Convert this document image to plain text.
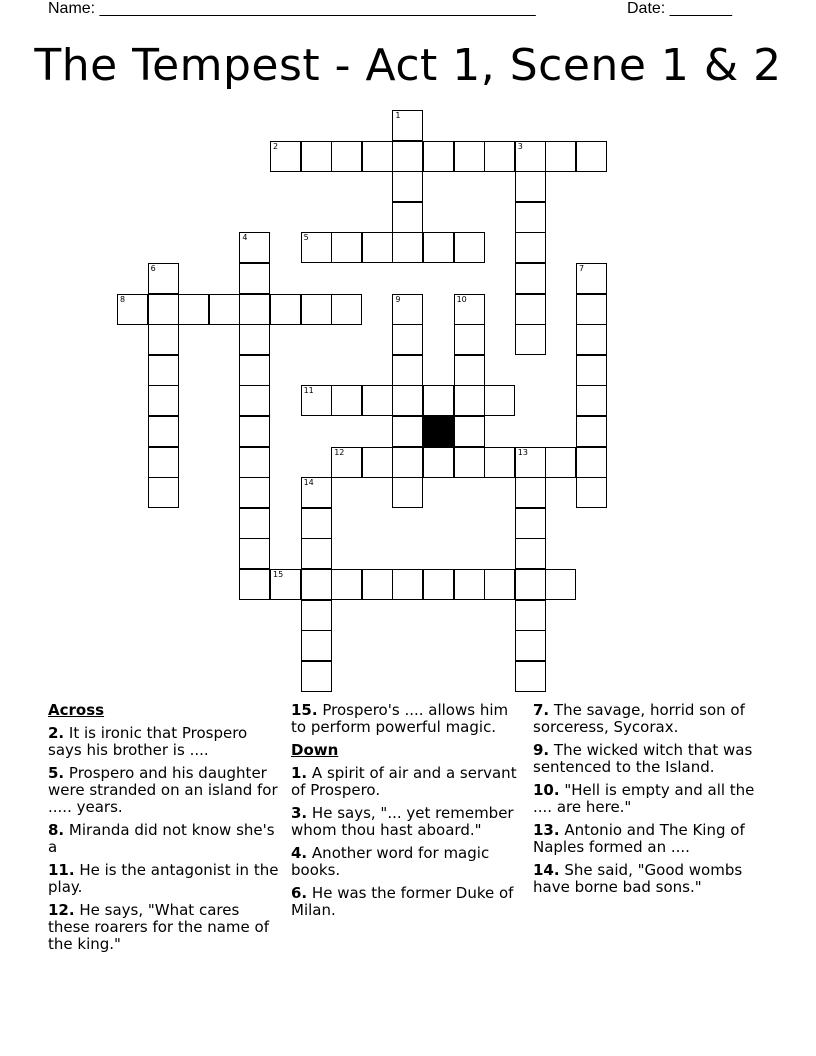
Name: _________________________________________________	Date: _______
The Tempest - Act 1, Scene 1 & 2
1
2	3
4	5
6	7
8	9	10
11
12	13
14
15
Across

2. It is ironic that Prospero says his brother is ....

5. Prospero and his daughter were stranded on an island for ..... years.

8. Miranda did not know she's a

11. He is the antagonist in the play.

12. He says, "What cares these roarers for the name of the king."

15. Prospero's .... allows him to perform powerful magic.

Down

1. A spirit of air and a servant of Prospero.

3. He says, "... yet remember whom thou hast aboard."

4. Another word for magic books.

6. He was the former Duke of Milan.

7. The savage, horrid son of sorceress, Sycorax.

9. The wicked witch that was sentenced to the Island.

10. "Hell is empty and all the .... are here."

13. Antonio and The King of Naples formed an ....

14. She said, "Good wombs have borne bad sons."
